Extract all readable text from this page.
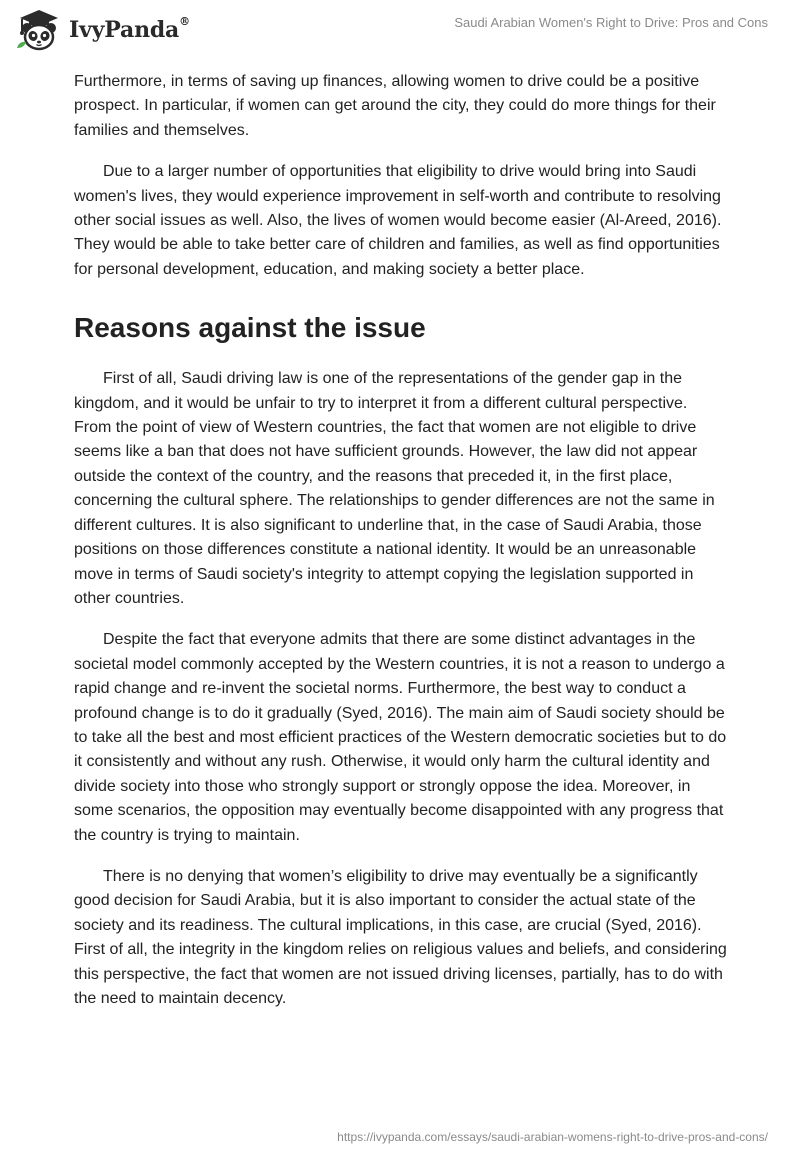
IvyPanda®	Saudi Arabian Women's Right to Drive: Pros and Cons

Furthermore, in terms of saving up finances, allowing women to drive could be a positive prospect. In particular, if women can get around the city, they could do more things for their families and themselves.

Due to a larger number of opportunities that eligibility to drive would bring into Saudi women's lives, they would experience improvement in self-worth and contribute to resolving other social issues as well. Also, the lives of women would become easier (Al-Areed, 2016). They would be able to take better care of children and families, as well as find opportunities for personal development, education, and making society a better place.

Reasons against the issue

First of all, Saudi driving law is one of the representations of the gender gap in the kingdom, and it would be unfair to try to interpret it from a different cultural perspective. From the point of view of Western countries, the fact that women are not eligible to drive seems like a ban that does not have sufficient grounds. However, the law did not appear outside the context of the country, and the reasons that preceded it, in the first place, concerning the cultural sphere. The relationships to gender differences are not the same in different cultures. It is also significant to underline that, in the case of Saudi Arabia, those positions on those differences constitute a national identity. It would be an unreasonable move in terms of Saudi society's integrity to attempt copying the legislation supported in other countries.

Despite the fact that everyone admits that there are some distinct advantages in the societal model commonly accepted by the Western countries, it is not a reason to undergo a rapid change and re-invent the societal norms. Furthermore, the best way to conduct a profound change is to do it gradually (Syed, 2016). The main aim of Saudi society should be to take all the best and most efficient practices of the Western democratic societies but to do it consistently and without any rush. Otherwise, it would only harm the cultural identity and divide society into those who strongly support or strongly oppose the idea. Moreover, in some scenarios, the opposition may eventually become disappointed with any progress that the country is trying to maintain.

There is no denying that women’s eligibility to drive may eventually be a significantly good decision for Saudi Arabia, but it is also important to consider the actual state of the society and its readiness. The cultural implications, in this case, are crucial (Syed, 2016). First of all, the integrity in the kingdom relies on religious values and beliefs, and considering this perspective, the fact that women are not issued driving licenses, partially, has to do with the need to maintain decency.

https://ivypanda.com/essays/saudi-arabian-womens-right-to-drive-pros-and-cons/
